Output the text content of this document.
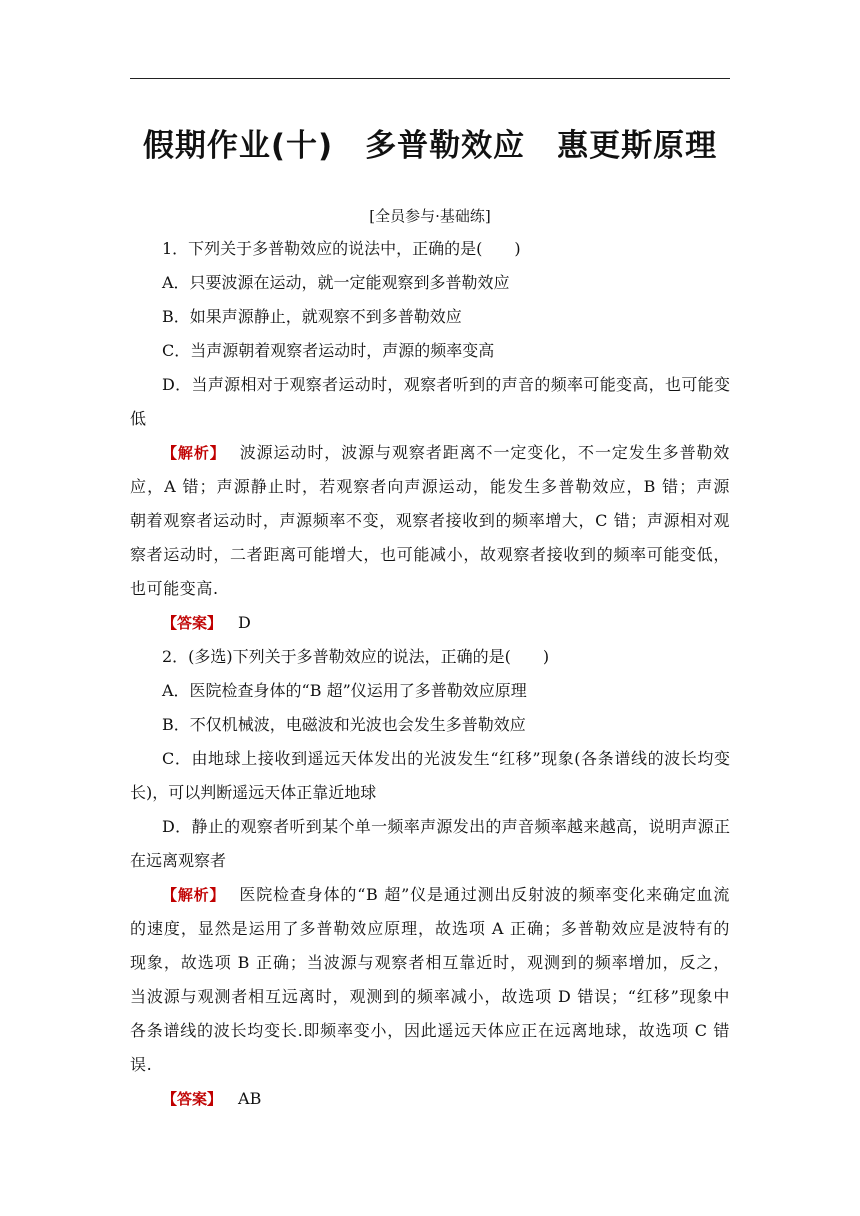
假期作业(十)　多普勒效应　惠更斯原理
[全员参与·基础练]

1．下列关于多普勒效应的说法中，正确的是(　　)

A．只要波源在运动，就一定能观察到多普勒效应

B．如果声源静止，就观察不到多普勒效应

C．当声源朝着观察者运动时，声源的频率变高

D．当声源相对于观察者运动时，观察者听到的声音的频率可能变高，也可能变低

【解析】 波源运动时，波源与观察者距离不一定变化，不一定发生多普勒效应，A 错；声源静止时，若观察者向声源运动，能发生多普勒效应，B 错；声源朝着观察者运动时，声源频率不变，观察者接收到的频率增大，C 错；声源相对观察者运动时，二者距离可能增大，也可能减小，故观察者接收到的频率可能变低，也可能变高.

【答案】 D

2．(多选)下列关于多普勒效应的说法，正确的是(　　)

A．医院检查身体的“B 超”仪运用了多普勒效应原理

B．不仅机械波，电磁波和光波也会发生多普勒效应

C．由地球上接收到遥远天体发出的光波发生“红移”现象(各条谱线的波长均变长)，可以判断遥远天体正靠近地球

D．静止的观察者听到某个单一频率声源发出的声音频率越来越高，说明声源正在远离观察者

【解析】 医院检查身体的“B 超”仪是通过测出反射波的频率变化来确定血流的速度，显然是运用了多普勒效应原理，故选项 A 正确；多普勒效应是波特有的现象，故选项 B 正确；当波源与观察者相互靠近时，观测到的频率增加，反之，当波源与观测者相互远离时，观测到的频率减小，故选项 D 错误；“红移”现象中各条谱线的波长均变长.即频率变小，因此遥远天体应正在远离地球，故选项 C 错误.

【答案】 AB
